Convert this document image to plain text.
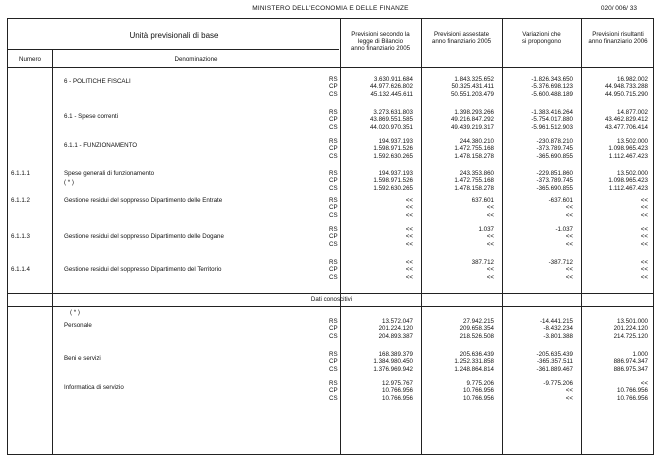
MINISTERO DELL'ECONOMIA E DELLE FINANZE	020/ 006/ 33
Unità previsionali di base
Numero	Denominazione
Previsioni secondo la
legge di Bilancio
anno finanziario 2005
Previsioni assestate
anno finanziario 2005
Variazioni che
si propongono
Previsioni risultanti
anno finanziario 2006
Dati conoscitivi
6 - POLITICHE FISCALI	RS	3.630.911.684	1.843.325.652	-1.826.343.650	16.982.002
CP	44.977.626.802	50.325.431.411	-5.376.698.123	44.948.733.288
CS	45.132.445.611	50.551.203.479	-5.600.488.189	44.950.715.290
6.1 - Spese correnti
RS	3.273.631.803	1.398.293.266	-1.383.416.264	14.877.002
CP	43.869.551.585	49.216.847.292	-5.754.017.880	43.462.829.412
CS	44.020.970.351	49.439.219.317	-5.961.512.903	43.477.706.414
6.1.1 - FUNZIONAMENTO
RS	194.937.193	244.380.210	-230.878.210	13.502.000
CP	1.598.971.526	1.472.755.168	-373.789.745	1.098.965.423
CS	1.592.630.265	1.478.158.278	-365.690.855	1.112.467.423
6.1.1.1	Spese generali di funzionamento
( * )
RS	194.937.193	243.353.860	-229.851.860	13.502.000
CP	1.598.971.526	1.472.755.168	-373.789.745	1.098.965.423
CS	1.592.630.265	1.478.158.278	-365.690.855	1.112.467.423
6.1.1.2	Gestione residui del soppresso Dipartimento delle Entrate	RS	<<	637.601	-637.601	<<
CP	<<	<<	<<	<<
CS	<<	<<	<<	<<
6.1.1.3	Gestione residui del soppresso Dipartimento delle Dogane
RS	<<	1.037	-1.037	<<
CP	<<	<<	<<	<<
CS	<<	<<	<<	<<
6.1.1.4	Gestione residui del soppresso Dipartimento del Territorio
RS	<<	387.712	-387.712	<<
CP	<<	<<	<<	<<
CS	<<	<<	<<	<<
( * )
Personale
RS	13.572.047	27.942.215	-14.441.215	13.501.000
CP	201.224.120	209.658.354	-8.432.234	201.224.120
CS	204.893.387	218.526.508	-3.801.388	214.725.120
Beni e servizi
RS	168.389.379	205.636.439	-205.635.439	1.000
CP	1.384.980.450	1.252.331.858	-365.357.511	886.974.347
CS	1.376.969.942	1.248.864.814	-361.889.467	886.975.347
Informatica di servizio
RS	12.975.767	9.775.206	-9.775.206	<<
CP	10.766.956	10.766.956	<<	10.766.956
CS	10.766.956	10.766.956	<<	10.766.956
